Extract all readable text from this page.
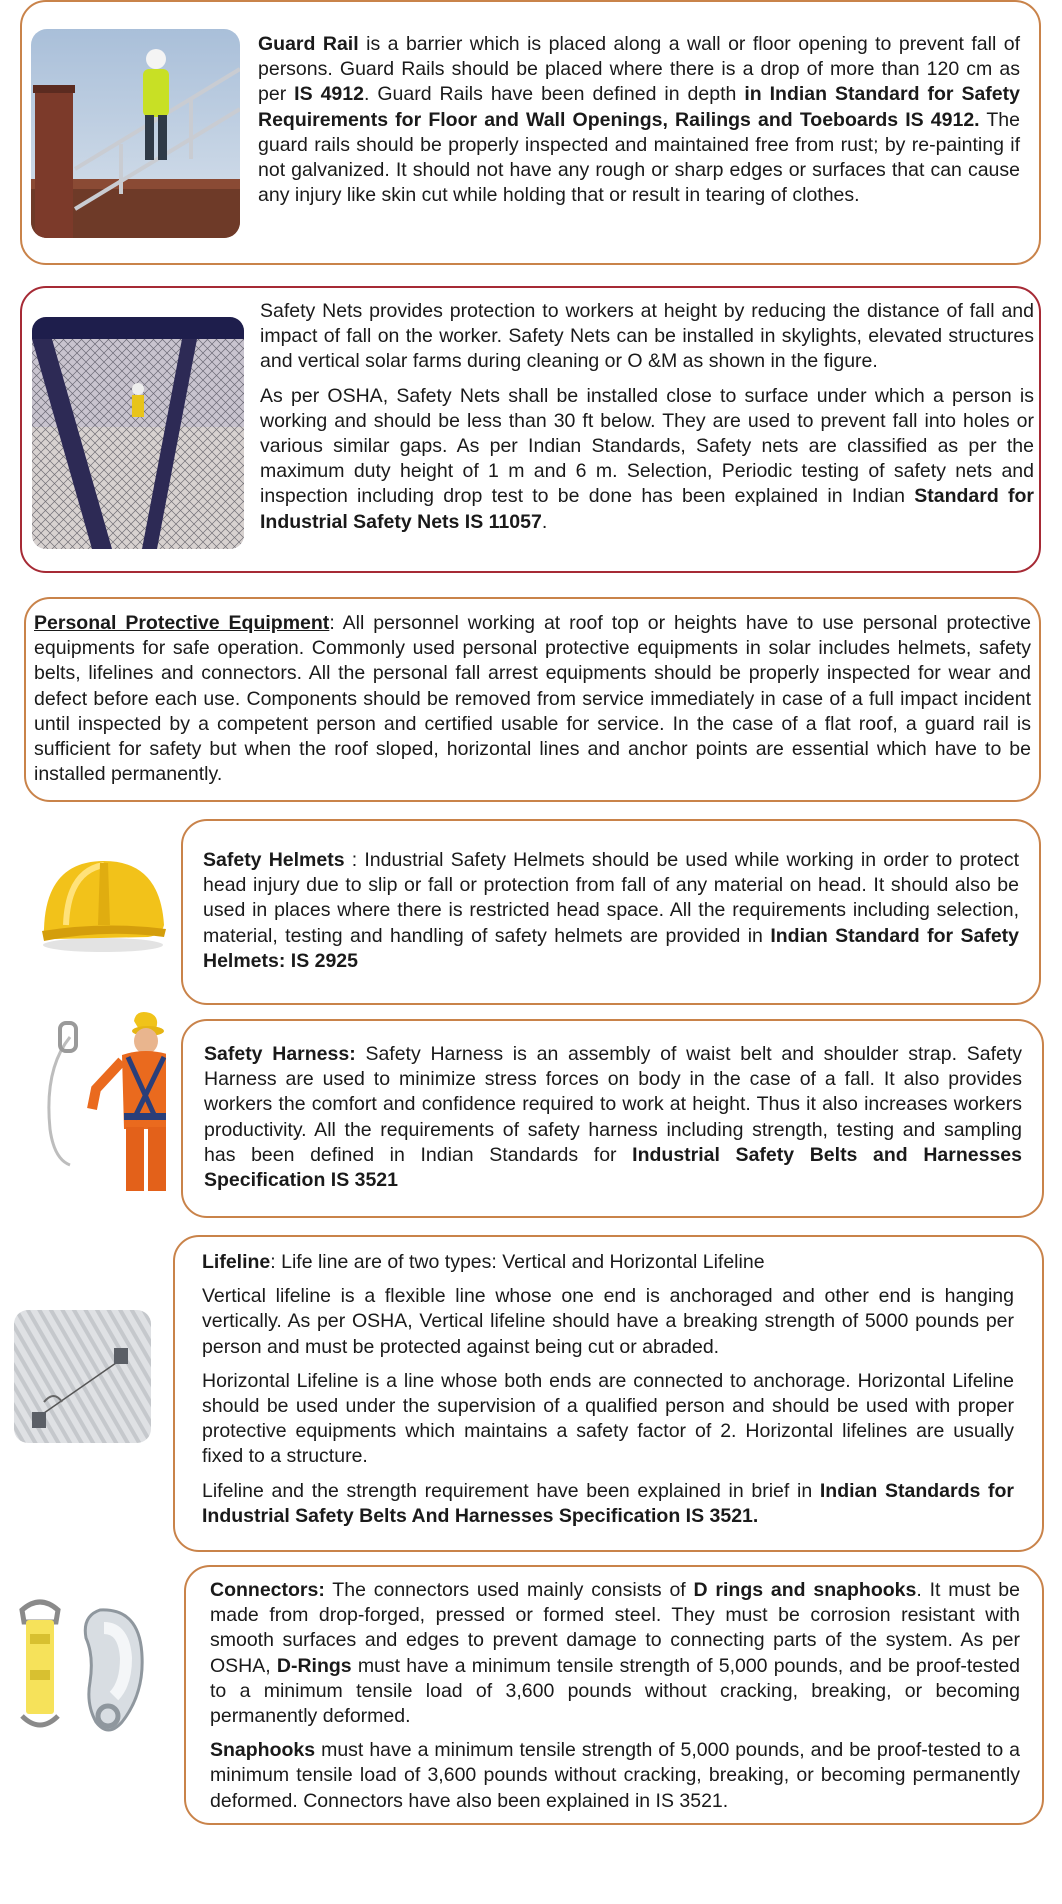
Guard Rail is a barrier which is placed along a wall or floor opening to prevent fall of persons. Guard Rails should be placed where there is a drop of more than 120 cm as per IS 4912. Guard Rails have been defined in depth in Indian Standard for Safety Requirements for Floor and Wall Openings, Railings and Toeboards IS 4912. The guard rails should be properly inspected and maintained free from rust; by re-painting if not galvanized. It should not have any rough or sharp edges or surfaces that can cause any injury like skin cut while holding that or result in tearing of clothes.

Safety Nets provides protection to workers at height by reducing the distance of fall and impact of fall on the worker. Safety Nets can be installed in skylights, elevated structures and vertical solar farms during cleaning or O &M as shown in the figure.

As per OSHA, Safety Nets shall be installed close to surface under which a person is working and should be less than 30 ft below. They are used to prevent fall into holes or various similar gaps. As per Indian Standards, Safety nets are classified as per the maximum duty height of 1 m and 6 m. Selection, Periodic testing of safety nets and inspection including drop test to be done has been explained in Indian Standard for Industrial Safety Nets IS 11057.

Personal Protective Equipment: All personnel working at roof top or heights have to use personal protective equipments for safe operation. Commonly used personal protective equipments in solar includes helmets, safety belts, lifelines and connectors. All the personal fall arrest equipments should be properly inspected for wear and defect before each use. Components should be removed from service immediately in case of a full impact incident until inspected by a competent person and certified usable for service. In the case of a flat roof, a guard rail is sufficient for safety but when the roof sloped, horizontal lines and anchor points are essential which have to be installed permanently.

Safety Helmets : Industrial Safety Helmets should be used while working in order to protect head injury due to slip or fall or protection from fall of any material on head. It should also be used in places where there is restricted head space. All the requirements including selection, material, testing and handling of safety helmets are provided in Indian Standard for Safety Helmets: IS 2925

Safety Harness: Safety Harness is an assembly of waist belt and shoulder strap. Safety Harness are used to minimize stress forces on body in the case of a fall. It also provides workers the comfort and confidence required to work at height. Thus it also increases workers productivity. All the requirements of safety harness including strength, testing and sampling has been defined in Indian Standards for Industrial Safety Belts and Harnesses Specification IS 3521

Lifeline: Life line are of two types: Vertical and Horizontal Lifeline

Vertical lifeline is a flexible line whose one end is anchoraged and other end is hanging vertically. As per OSHA, Vertical lifeline should have a breaking strength of 5000 pounds per person and must be protected against being cut or abraded.

Horizontal Lifeline is a line whose both ends are connected to anchorage. Horizontal Lifeline should be used under the supervision of a qualified person and should be used with proper protective equipments which maintains a safety factor of 2. Horizontal lifelines are usually fixed to a structure.

Lifeline and the strength requirement have been explained in brief in Indian Standards for Industrial Safety Belts And Harnesses Specification IS 3521.

Connectors: The connectors used mainly consists of D rings and snaphooks. It must be made from drop-forged, pressed or formed steel. They must be corrosion resistant with smooth surfaces and edges to prevent damage to connecting parts of the system. As per OSHA, D-Rings must have a minimum tensile strength of 5,000 pounds, and be proof-tested to a minimum tensile load of 3,600 pounds without cracking, breaking, or becoming permanently deformed.

Snaphooks must have a minimum tensile strength of 5,000 pounds, and be proof-tested to a minimum tensile load of 3,600 pounds without cracking, breaking, or becoming permanently deformed. Connectors have also been explained in IS 3521.
